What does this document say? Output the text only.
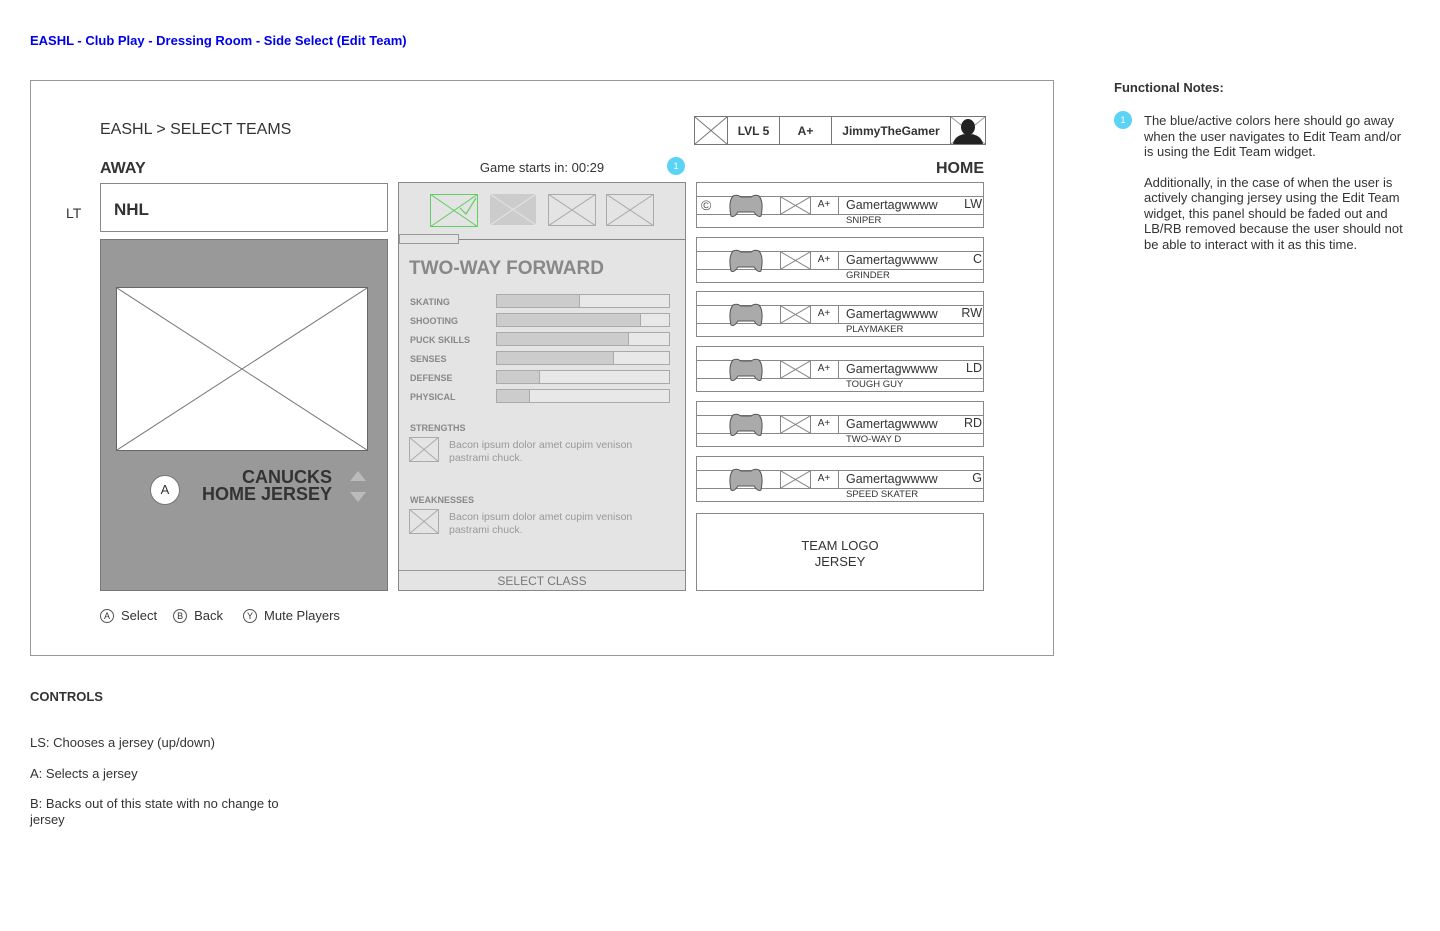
EASHL - Club Play - Dressing Room - Side Select (Edit Team)
EASHL > SELECT TEAMS
AWAY	HOME
Game starts in: 00:29	1
LT	NHL
A
CANUCKS
HOME JERSEY
TWO-WAY FORWARD
SKATING
SHOOTING
PUCK SKILLS
SENSES
DEFENSE
PHYSICAL
STRENGTHS
Bacon ipsum dolor amet cupim venison pastrami chuck.
WEAKNESSES
Bacon ipsum dolor amet cupim venison pastrami chuck.
SELECT CLASS
LVL 5	A+	JimmyTheGamer
©	A+	Gamertagwwww LW
SNIPER
A+	Gamertagwwww	C
GRINDER
A+	Gamertagwwww RW
PLAYMAKER
A+	Gamertagwwww LD
TOUGH GUY
A+	Gamertagwwww RD
TWO-WAY D
A+	Gamertagwwww	G
SPEED SKATER
TEAM LOGO
JERSEY
A Select	B Back	Y Mute Players
Functional Notes:
1	The blue/active colors here should go away when the user navigates to Edit Team and/or is using the Edit Team widget.

Additionally, in the case of when the user is actively changing jersey using the Edit Team widget, this panel should be faded out and LB/RB removed because the user should not be able to interact with it as this time.

CONTROLS
LS: Chooses a jersey (up/down)
A: Selects a jersey
B: Backs out of this state with no change to jersey
